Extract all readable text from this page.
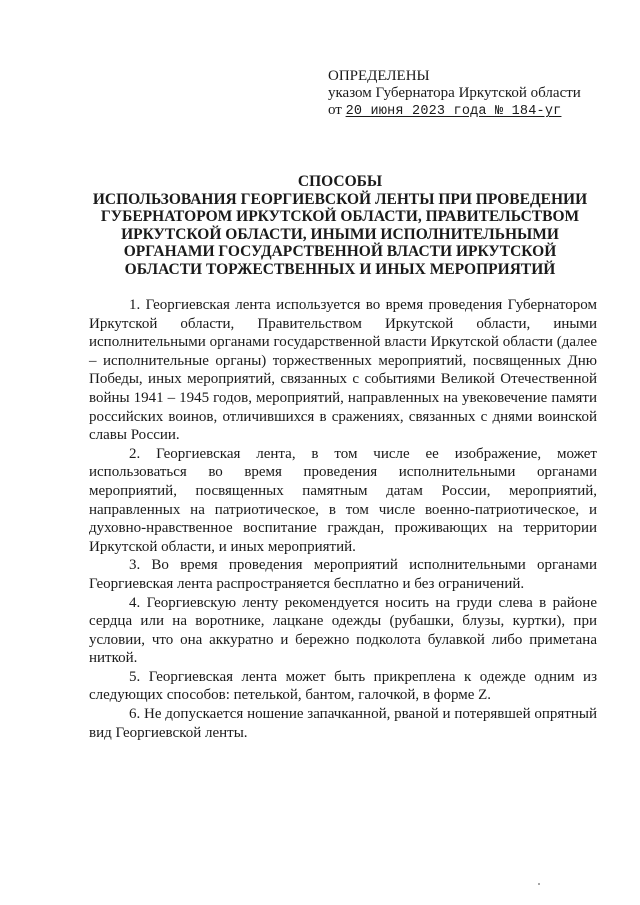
ОПРЕДЕЛЕНЫ
указом Губернатора Иркутской области
от 20 июня 2023 года № 184-уг
СПОСОБЫ
ИСПОЛЬЗОВАНИЯ ГЕОРГИЕВСКОЙ ЛЕНТЫ ПРИ ПРОВЕДЕНИИ
ГУБЕРНАТОРОМ ИРКУТСКОЙ ОБЛАСТИ, ПРАВИТЕЛЬСТВОМ
ИРКУТСКОЙ ОБЛАСТИ, ИНЫМИ ИСПОЛНИТЕЛЬНЫМИ
ОРГАНАМИ ГОСУДАРСТВЕННОЙ ВЛАСТИ ИРКУТСКОЙ
ОБЛАСТИ ТОРЖЕСТВЕННЫХ И ИНЫХ МЕРОПРИЯТИЙ

1. Георгиевская лента используется во время проведения Губернатором Иркутской области, Правительством Иркутской области, иными исполнительными органами государственной власти Иркутской области (далее – исполнительные органы) торжественных мероприятий, посвященных Дню Победы, иных мероприятий, связанных с событиями Великой Отечественной войны 1941 – 1945 годов, мероприятий, направленных на увековечение памяти российских воинов, отличившихся в сражениях, связанных с днями воинской славы России.

2. Георгиевская лента, в том числе ее изображение, может использоваться во время проведения исполнительными органами мероприятий, посвященных памятным датам России, мероприятий, направленных на патриотическое, в том числе военно-патриотическое, и духовно-нравственное воспитание граждан, проживающих на территории Иркутской области, и иных мероприятий.

3. Во время проведения мероприятий исполнительными органами Георгиевская лента распространяется бесплатно и без ограничений.

4. Георгиевскую ленту рекомендуется носить на груди слева в районе сердца или на воротнике, лацкане одежды (рубашки, блузы, куртки), при условии, что она аккуратно и бережно подколота булавкой либо приметана ниткой.

5. Георгиевская лента может быть прикреплена к одежде одним из следующих способов: петелькой, бантом, галочкой, в форме Z.

6. Не допускается ношение запачканной, рваной и потерявшей опрятный вид Георгиевской ленты.
